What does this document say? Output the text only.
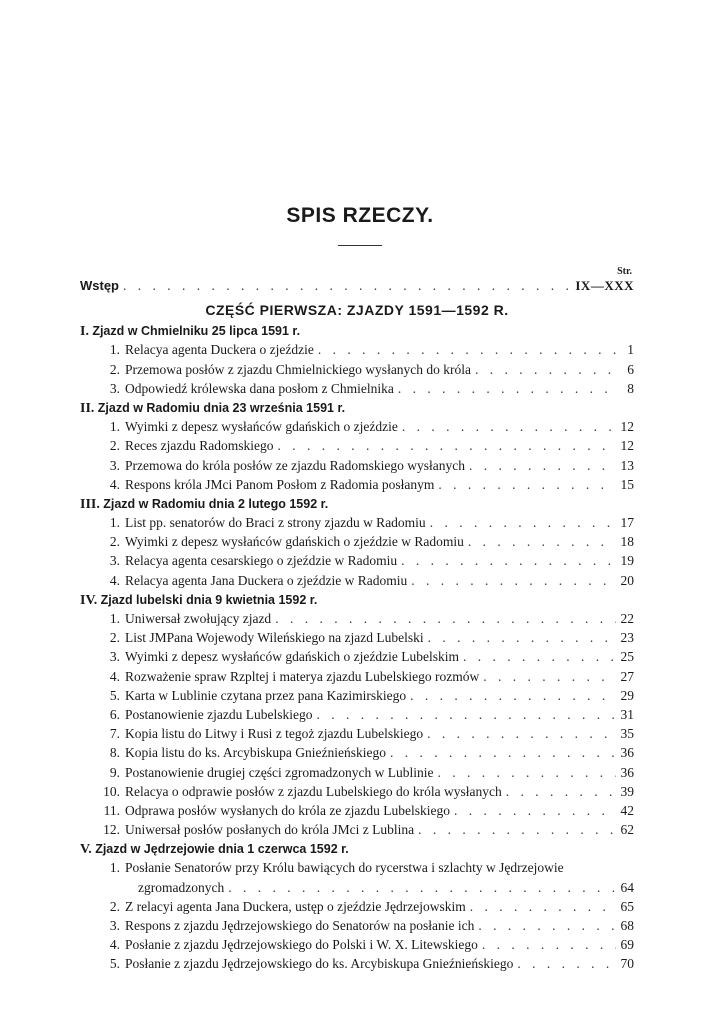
SPIS RZECZY.
Str.
Wstęp . . .	IX—XXX
CZĘŚĆ PIERWSZA: ZJAZDY 1591—1592 R.
I. Zjazd w Chmielniku 25 lipca 1591 r.
1. Relacya agenta Duckera o zjeździe . . .	1
2. Przemowa posłów z zjazdu Chmielnickiego wysłanych do króla . . .	6
3. Odpowiedź królewska dana posłom z Chmielnika . . .	8
II. Zjazd w Radomiu dnia 23 września 1591 r.
1. Wyimki z depesz wysłańców gdańskich o zjeździe . . .	12
2. Reces zjazdu Radomskiego . . .	12
3. Przemowa do króla posłów ze zjazdu Radomskiego wysłanych . . .	13
4. Respons króla JMci Panom Posłom z Radomia posłanym . . .	15
III. Zjazd w Radomiu dnia 2 lutego 1592 r.
1. List pp. senatorów do Braci z strony zjazdu w Radomiu . . .	17
2. Wyimki z depesz wysłańców gdańskich o zjeździe w Radomiu . . .	18
3. Relacya agenta cesarskiego o zjeździe w Radomiu . . .	19
4. Relacya agenta Jana Duckera o zjeździe w Radomiu . . .	20
IV. Zjazd lubelski dnia 9 kwietnia 1592 r.
1. Uniwersał zwołujący zjazd . . .	22
2. List JMPana Wojewody Wileńskiego na zjazd Lubelski . . .	23
3. Wyimki z depesz wysłańców gdańskich o zjeździe Lubelskim . . .	25
4. Rozważenie spraw Rzpltej i materya zjazdu Lubelskiego rozmów . . .	27
5. Karta w Lublinie czytana przez pana Kazimirskiego . . .	29
6. Postanowienie zjazdu Lubelskiego . . .	31
7. Kopia listu do Litwy i Rusi z tegoż zjazdu Lubelskiego . . .	35
8. Kopia listu do ks. Arcybiskupa Gnieźnieńskiego . . .	36
9. Postanowienie drugiej części zgromadzonych w Lublinie . . .	36
10. Relacya o odprawie posłów z zjazdu Lubelskiego do króla wysłanych . . .	39
11. Odprawa posłów wysłanych do króla ze zjazdu Lubelskiego . . .	42
12. Uniwersał posłów posłanych do króla JMci z Lublina . . .	62
V. Zjazd w Jędrzejowie dnia 1 czerwca 1592 r.
1. Posłanie Senatorów przy Królu bawiących do rycerstwa i szlachty w Jędrzejowie
zgromadzonych . . .	64
2. Z relacyi agenta Jana Duckera, ustęp o zjeździe Jędrzejowskim . . .	65
3. Respons z zjazdu Jędrzejowskiego do Senatorów na posłanie ich . . .	68
4. Posłanie z zjazdu Jędrzejowskiego do Polski i W. X. Litewskiego . . .	69
5. Posłanie z zjazdu Jędrzejowskiego do ks. Arcybiskupa Gnieźnieńskiego . . .	70
